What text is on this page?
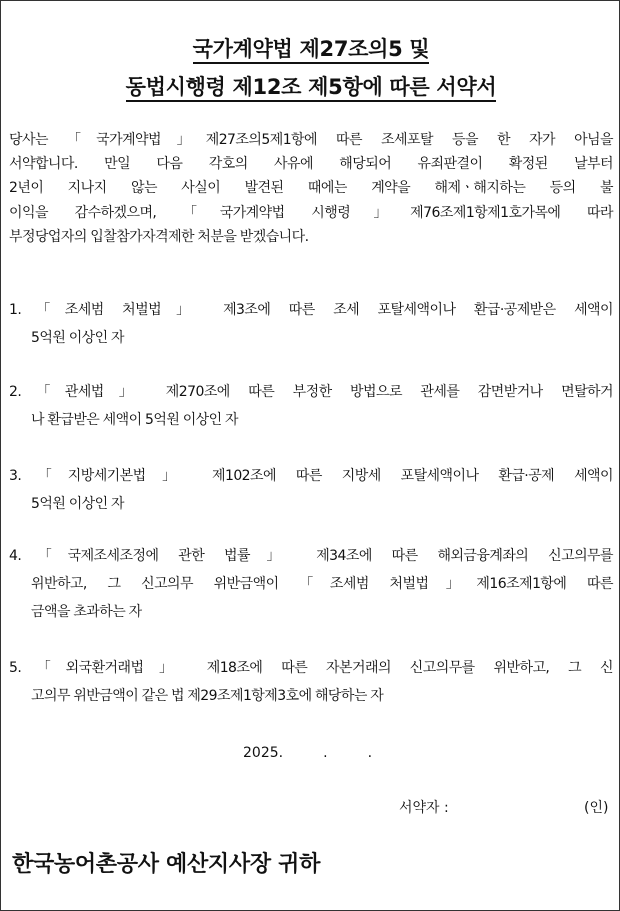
국가계약법 제27조의5 및
동법시행령 제12조 제5항에 따른 서약서
당사는 「국가계약법」제27조의5제1항에 따른 조세포탈 등을 한 자가 아님을
서약합니다. 만일 다음 각호의 사유에 해당되어 유죄판결이 확정된 날부터
2년이 지나지 않는 사실이 발견된 때에는 계약을 해제ㆍ해지하는 등의 불
이익을 감수하겠으며, 「국가계약법 시행령」제76조제1항제1호가목에 따라
부정당업자의 입찰참가자격제한 처분을 받겠습니다.
1.「조세범 처벌법」 제3조에 따른 조세 포탈세액이나 환급·공제받은 세액이
5억원 이상인 자
2.「관세법」 제270조에 따른 부정한 방법으로 관세를 감면받거나 면탈하거
나 환급받은 세액이 5억원 이상인 자
3.「지방세기본법」 제102조에 따른 지방세 포탈세액이나 환급·공제 세액이
5억원 이상인 자
4.「국제조세조정에 관한 법률」 제34조에 따른 해외금융계좌의 신고의무를
위반하고, 그 신고의무 위반금액이 「조세범 처벌법」제16조제1항에 따른
금액을 초과하는 자
5.「외국환거래법」 제18조에 따른 자본거래의 신고의무를 위반하고, 그 신
고의무 위반금액이 같은 법 제29조제1항제3호에 해당하는 자
2025.         .         .
서약자 :	(인)
한국농어촌공사 예산지사장 귀하
